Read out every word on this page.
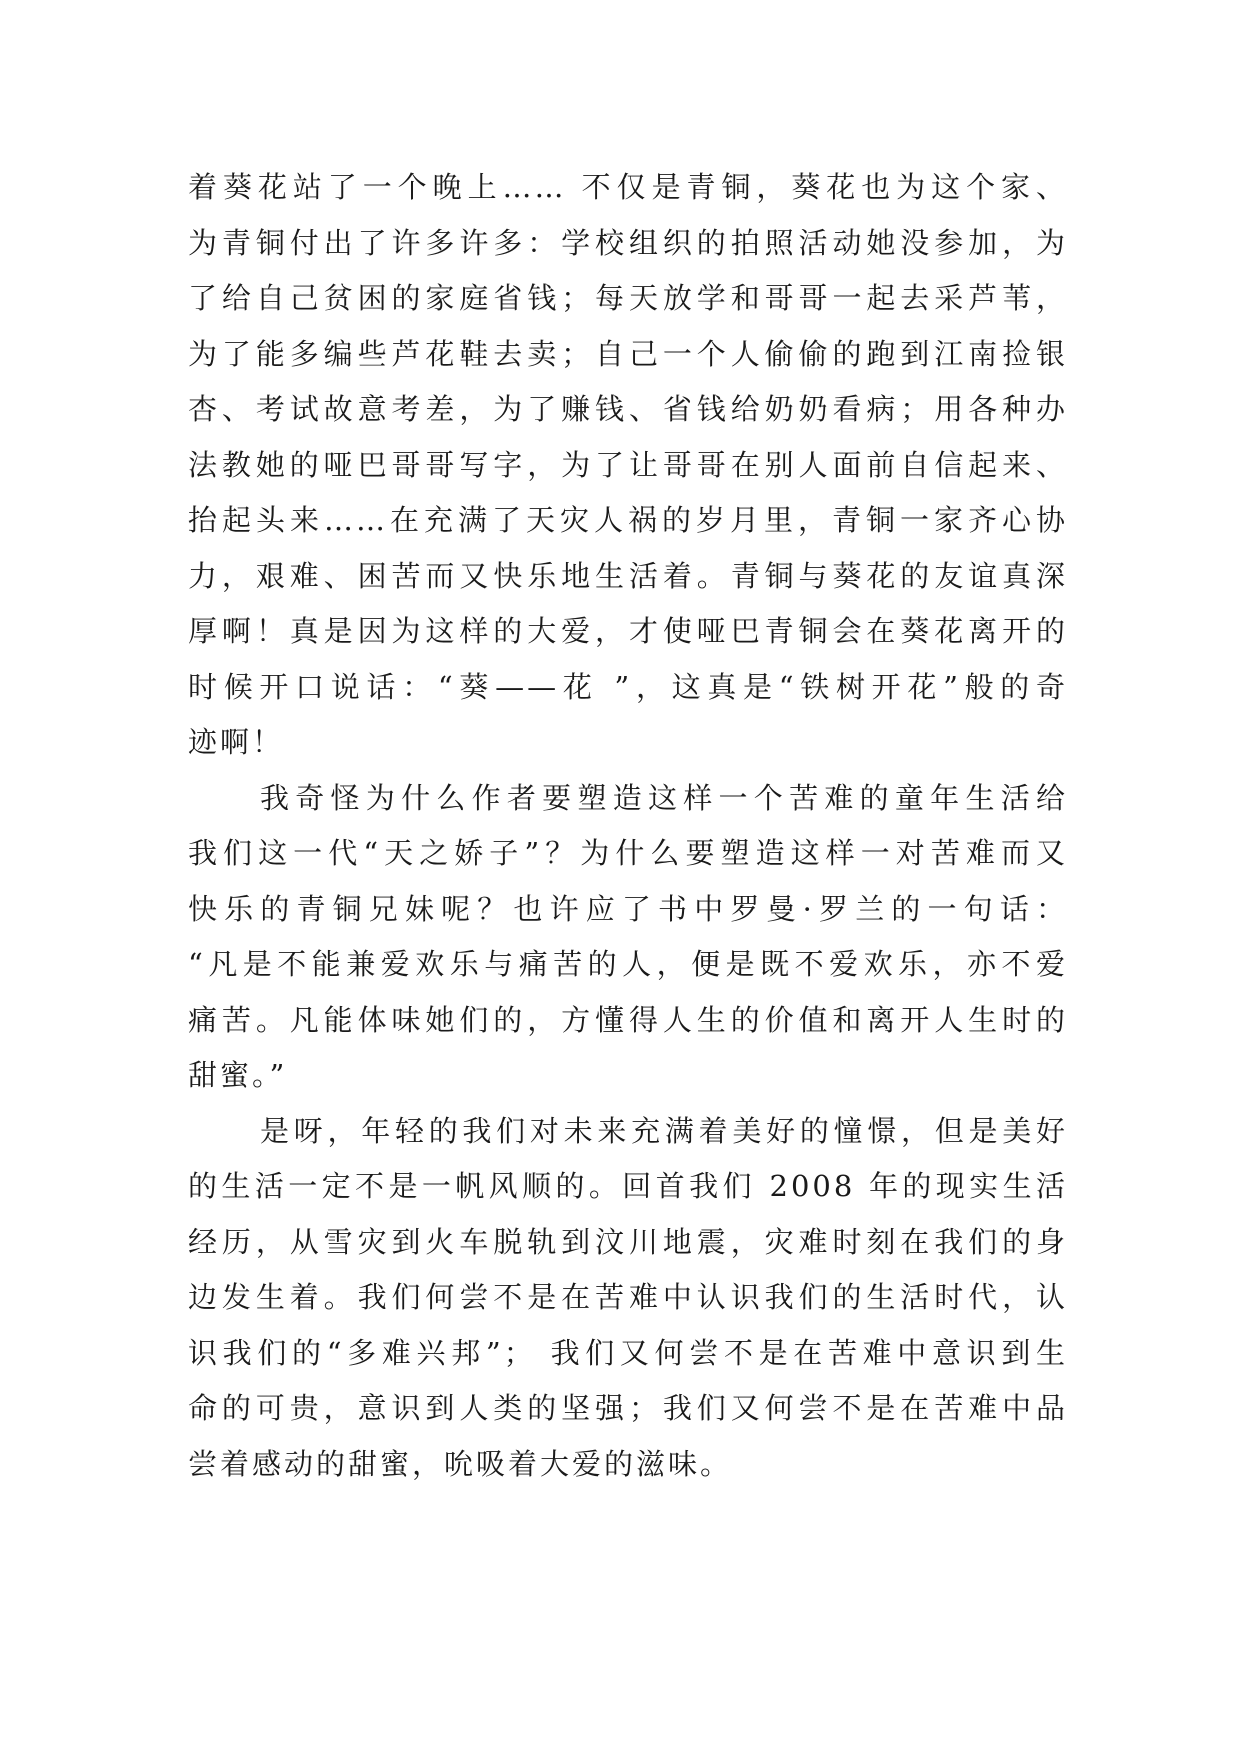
着葵花站了一个晚上…… 不仅是青铜，葵花也为这个家、
为青铜付出了许多许多：学校组织的拍照活动她没参加，为
了给自己贫困的家庭省钱；每天放学和哥哥一起去采芦苇，
为了能多编些芦花鞋去卖；自己一个人偷偷的跑到江南捡银
杏、考试故意考差，为了赚钱、省钱给奶奶看病；用各种办
法教她的哑巴哥哥写字，为了让哥哥在别人面前自信起来、
抬起头来……在充满了天灾人祸的岁月里，青铜一家齐心协
力，艰难、困苦而又快乐地生活着。青铜与葵花的友谊真深
厚啊！真是因为这样的大爱，才使哑巴青铜会在葵花离开的
时候开口说话：“葵——花 ”，这真是“铁树开花”般的奇
迹啊！
我奇怪为什么作者要塑造这样一个苦难的童年生活给
我们这一代“天之娇子”？为什么要塑造这样一对苦难而又
快乐的青铜兄妹呢？也许应了书中罗曼·罗兰的一句话：
“凡是不能兼爱欢乐与痛苦的人，便是既不爱欢乐，亦不爱
痛苦。凡能体味她们的，方懂得人生的价值和离开人生时的
甜蜜。”
是呀，年轻的我们对未来充满着美好的憧憬，但是美好
的生活一定不是一帆风顺的。回首我们 2008 年的现实生活
经历，从雪灾到火车脱轨到汶川地震，灾难时刻在我们的身
边发生着。我们何尝不是在苦难中认识我们的生活时代，认
识我们的“多难兴邦”； 我们又何尝不是在苦难中意识到生
命的可贵，意识到人类的坚强；我们又何尝不是在苦难中品
尝着感动的甜蜜，吮吸着大爱的滋味。
